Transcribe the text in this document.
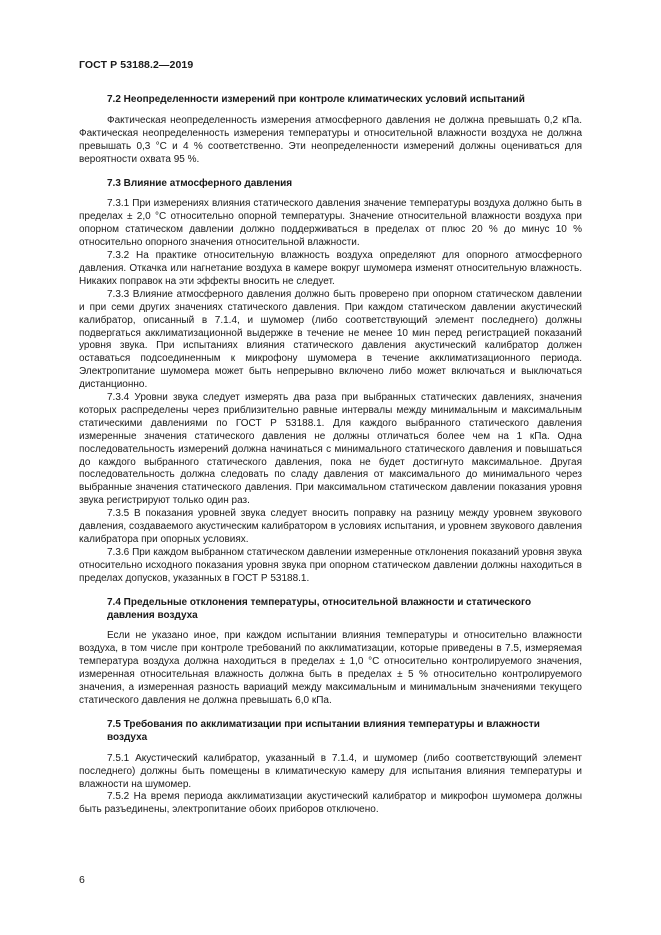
ГОСТ Р 53188.2—2019
7.2 Неопределенности измерений при контроле климатических условий испытаний

Фактическая неопределенность измерения атмосферного давления не должна превышать 0,2 кПа. Фактическая неопределенность измерения температуры и относительной влажности воздуха не должна превышать 0,3 °C и 4 % соответственно. Эти неопределенности измерений должны оцениваться для вероятности охвата 95 %.

7.3 Влияние атмосферного давления

7.3.1 При измерениях влияния статического давления значение температуры воздуха должно быть в пределах ± 2,0 °C относительно опорной температуры. Значение относительной влажности воздуха при опорном статическом давлении должно поддерживаться в пределах от плюс 20 % до минус 10 % относительно опорного значения относительной влажности.

7.3.2 На практике относительную влажность воздуха определяют для опорного атмосферного давления. Откачка или нагнетание воздуха в камере вокруг шумомера изменят относительную влажность. Никаких поправок на эти эффекты вносить не следует.

7.3.3 Влияние атмосферного давления должно быть проверено при опорном статическом давлении и при семи других значениях статического давления. При каждом статическом давлении акустический калибратор, описанный в 7.1.4, и шумомер (либо соответствующий элемент последнего) должны подвергаться акклиматизационной выдержке в течение не менее 10 мин перед регистрацией показаний уровня звука. При испытаниях влияния статического давления акустический калибратор должен оставаться подсоединенным к микрофону шумомера в течение акклиматизационного периода. Электропитание шумомера может быть непрерывно включено либо может включаться и выключаться дистанционно.

7.3.4 Уровни звука следует измерять два раза при выбранных статических давлениях, значения которых распределены через приблизительно равные интервалы между минимальным и максимальным статическими давлениями по ГОСТ Р 53188.1. Для каждого выбранного статического давления измеренные значения статического давления не должны отличаться более чем на 1 кПа. Одна последовательность измерений должна начинаться с минимального статического давления и повышаться до каждого выбранного статического давления, пока не будет достигнуто максимальное. Другая последовательность должна следовать по сладу давления от максимального до минимального через выбранные значения статического давления. При максимальном статическом давлении показания уровня звука регистрируют только один раз.

7.3.5 В показания уровней звука следует вносить поправку на разницу между уровнем звукового давления, создаваемого акустическим калибратором в условиях испытания, и уровнем звукового давления калибратора при опорных условиях.

7.3.6 При каждом выбранном статическом давлении измеренные отклонения показаний уровня звука относительно исходного показания уровня звука при опорном статическом давлении должны находиться в пределах допусков, указанных в ГОСТ Р 53188.1.

7.4 Предельные отклонения температуры, относительной влажности и статического давления воздуха

Если не указано иное, при каждом испытании влияния температуры и относительно влажности воздуха, в том числе при контроле требований по акклиматизации, которые приведены в 7.5, измеряемая температура воздуха должна находиться в пределах ± 1,0 °C относительно контролируемого значения, измеренная относительная влажность должна быть в пределах ± 5 % относительно контролируемого значения, а измеренная разность вариаций между максимальным и минимальным значениями текущего статического давления не должна превышать 6,0 кПа.

7.5 Требования по акклиматизации при испытании влияния температуры и влажности воздуха

7.5.1 Акустический калибратор, указанный в 7.1.4, и шумомер (либо соответствующий элемент последнего) должны быть помещены в климатическую камеру для испытания влияния температуры и влажности на шумомер.

7.5.2 На время периода акклиматизации акустический калибратор и микрофон шумомера должны быть разъединены, электропитание обоих приборов отключено.

6
